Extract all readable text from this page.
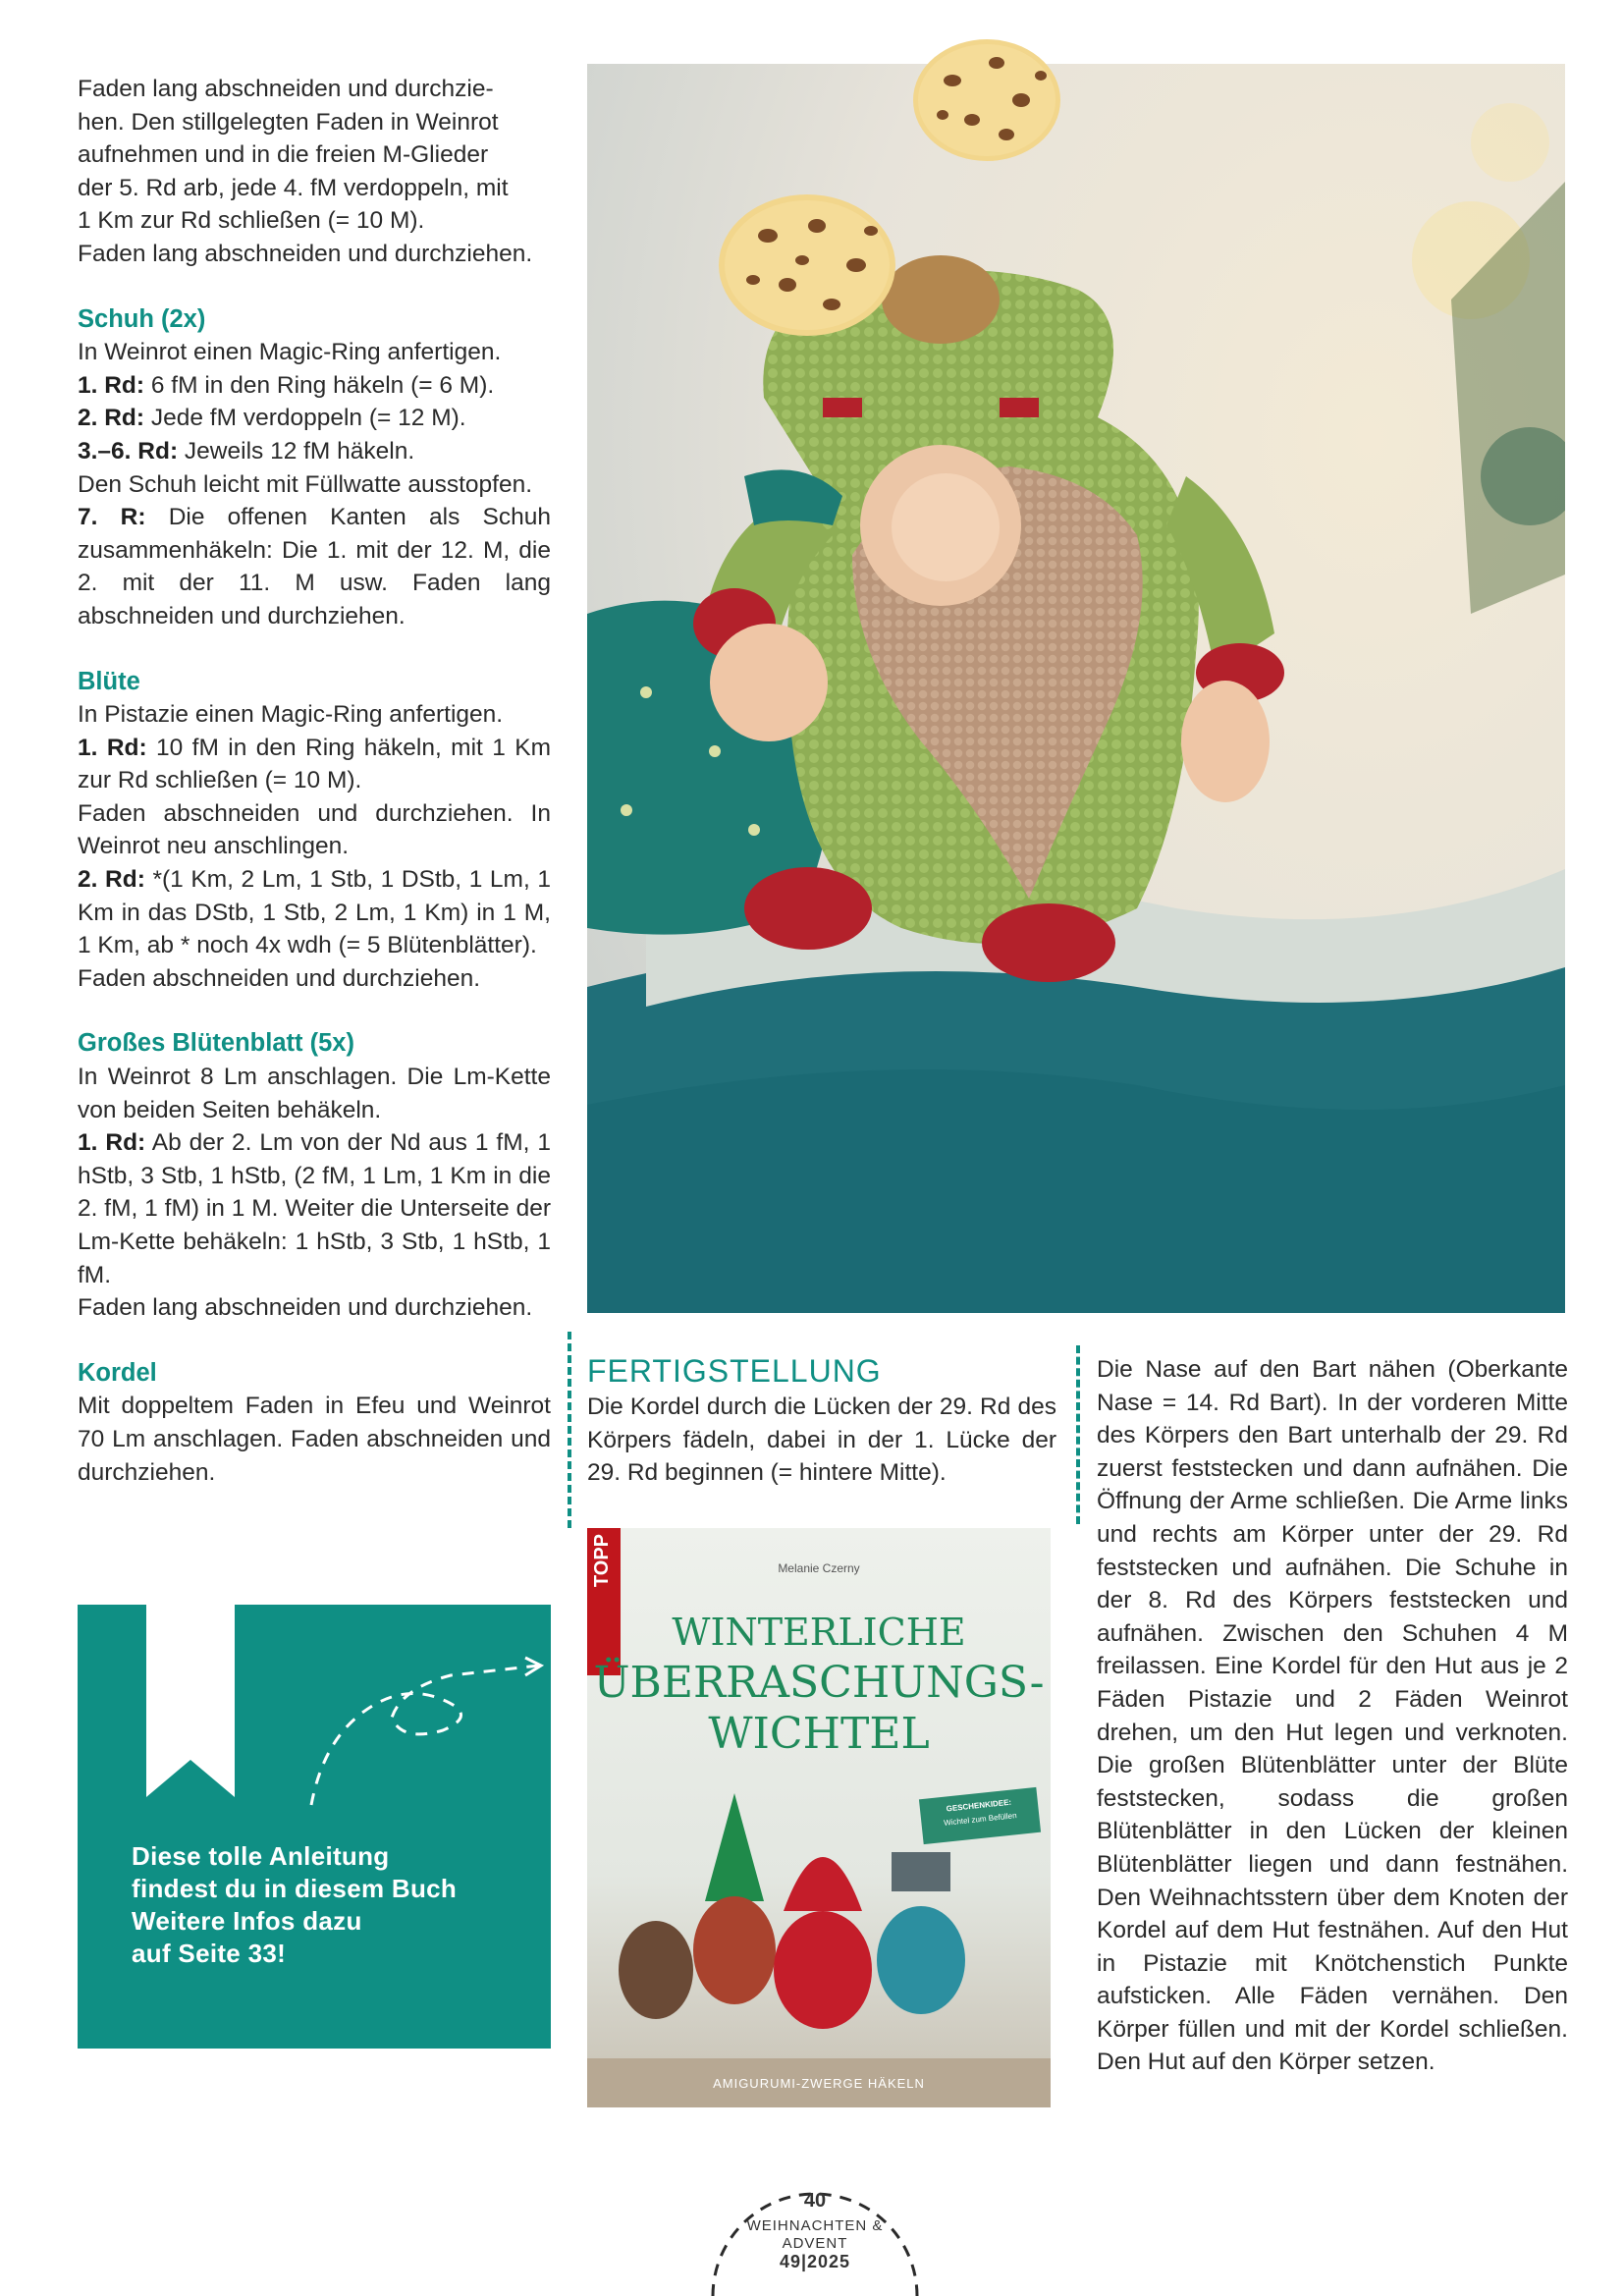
Faden lang abschneiden und durchzie-

hen. Den stillgelegten Faden in Weinrot

aufnehmen und in die freien M-Glieder

der 5. Rd arb, jede 4. fM verdoppeln, mit

1 Km zur Rd schließen (= 10 M).

Faden lang abschneiden und durchziehen.

Schuh (2x)

In Weinrot einen Magic-Ring anfertigen.

1. Rd: 6 fM in den Ring häkeln (= 6 M).

2. Rd: Jede fM verdoppeln (= 12 M).

3.–6. Rd: Jeweils 12 fM häkeln.

Den Schuh leicht mit Füllwatte ausstopfen.

7. R: Die offenen Kanten als Schuh zusammenhäkeln: Die 1. mit der 12. M, die 2. mit der 11. M usw. Faden lang abschneiden und durchziehen.

Blüte

In Pistazie einen Magic-Ring anfertigen.

1. Rd: 10 fM in den Ring häkeln, mit 1 Km zur Rd schließen (= 10 M).

Faden abschneiden und durchziehen. In Weinrot neu anschlingen.

2. Rd: *(1 Km, 2 Lm, 1 Stb, 1 DStb, 1 Lm, 1 Km in das DStb, 1 Stb, 2 Lm, 1 Km) in 1 M, 1 Km, ab * noch 4x wdh (= 5 Blütenblätter).

Faden abschneiden und durchziehen.

Großes Blütenblatt (5x)

In Weinrot 8 Lm anschlagen. Die Lm-Kette von beiden Seiten behäkeln.

1. Rd: Ab der 2. Lm von der Nd aus 1 fM, 1 hStb, 3 Stb, 1 hStb, (2 fM, 1 Lm, 1 Km in die 2. fM, 1 fM) in 1 M. Weiter die Unterseite der Lm-Kette behäkeln: 1 hStb, 3 Stb, 1 hStb, 1 fM.

Faden lang abschneiden und durchziehen.

Kordel

Mit doppeltem Faden in Efeu und Weinrot 70 Lm anschlagen. Faden abschneiden und durchziehen.

Diese tolle Anleitung
findest du in diesem Buch
Weitere Infos dazu
auf Seite 33!
FERTIGSTELLUNG

Die Kordel durch die Lücken der 29. Rd des Körpers fädeln, dabei in der 1. Lücke der 29. Rd beginnen (= hintere Mitte).

TOPP	Melanie Czerny
WINTERLICHE
ÜBERRASCHUNGS-
WICHTEL
GESCHENKIDEE:
Wichtel zum Befüllen
AMIGURUMI-ZWERGE HÄKELN

Die Nase auf den Bart nähen (Oberkante Nase = 14. Rd Bart). In der vorderen Mitte des Körpers den Bart unterhalb der 29. Rd zuerst feststecken und dann aufnähen. Die Öffnung der Arme schließen. Die Arme links und rechts am Körper unter der 29. Rd feststecken und aufnähen. Die Schuhe in der 8. Rd des Körpers feststecken und aufnähen. Zwischen den Schuhen 4 M freilassen. Eine Kordel für den Hut aus je 2 Fäden Pistazie und 2 Fäden Weinrot drehen, um den Hut legen und verknoten. Die großen Blütenblätter unter der Blüte feststecken, sodass die großen Blütenblätter in den Lücken der kleinen Blütenblätter liegen und dann festnähen. Den Weihnachtsstern über dem Knoten der Kordel auf dem Hut festnähen. Auf den Hut in Pistazie mit Knötchenstich Punkte aufsticken. Alle Fäden vernähen. Den Körper füllen und mit der Kordel schließen. Den Hut auf den Körper setzen.

40
WEIHNACHTEN &
ADVENT
49|2025
